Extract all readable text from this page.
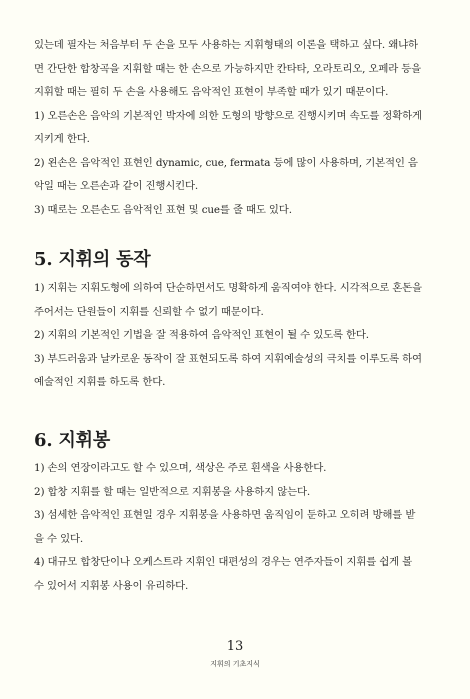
있는데 필자는 처음부터 두 손을 모두 사용하는 지휘형태의 이론을 택하고 싶다. 왜냐하
면 간단한 합창곡을 지휘할 때는 한 손으로 가능하지만 칸타타, 오라토리오, 오페라 등을
지휘할 때는 필히 두 손을 사용해도 음악적인 표현이 부족할 때가 있기 때문이다.
1) 오른손은 음악의 기본적인 박자에 의한 도형의 방향으로 진행시키며 속도를 정확하게
지키게 한다.
2) 왼손은 음악적인 표현인 dynamic, cue, fermata 등에 많이 사용하며, 기본적인 음
악일 때는 오른손과 같이 진행시킨다.
3) 때로는 오른손도 음악적인 표현 및 cue를 줄 때도 있다.
5. 지휘의 동작
1) 지휘는 지휘도형에 의하여 단순하면서도 명확하게 움직여야 한다. 시각적으로 혼돈을
주어서는 단원들이 지휘를 신뢰할 수 없기 때문이다.
2) 지휘의 기본적인 기법을 잘 적용하여 음악적인 표현이 될 수 있도록 한다.
3) 부드러움과 날카로운 동작이 잘 표현되도록 하여 지휘예술성의 극치를 이루도록 하여
예술적인 지휘를 하도록 한다.
6. 지휘봉
1) 손의 연장이라고도 할 수 있으며, 색상은 주로 흰색을 사용한다.
2) 합창 지휘를 할 때는 일반적으로 지휘봉을 사용하지 않는다.
3) 섬세한 음악적인 표현일 경우 지휘봉을 사용하면 움직임이 둔하고 오히려 방해를 받
을 수 있다.
4) 대규모 합창단이나 오케스트라 지휘인 대편성의 경우는 연주자들이 지휘를 쉽게 볼
수 있어서 지휘봉 사용이 유리하다.
13
지휘의 기초지식
